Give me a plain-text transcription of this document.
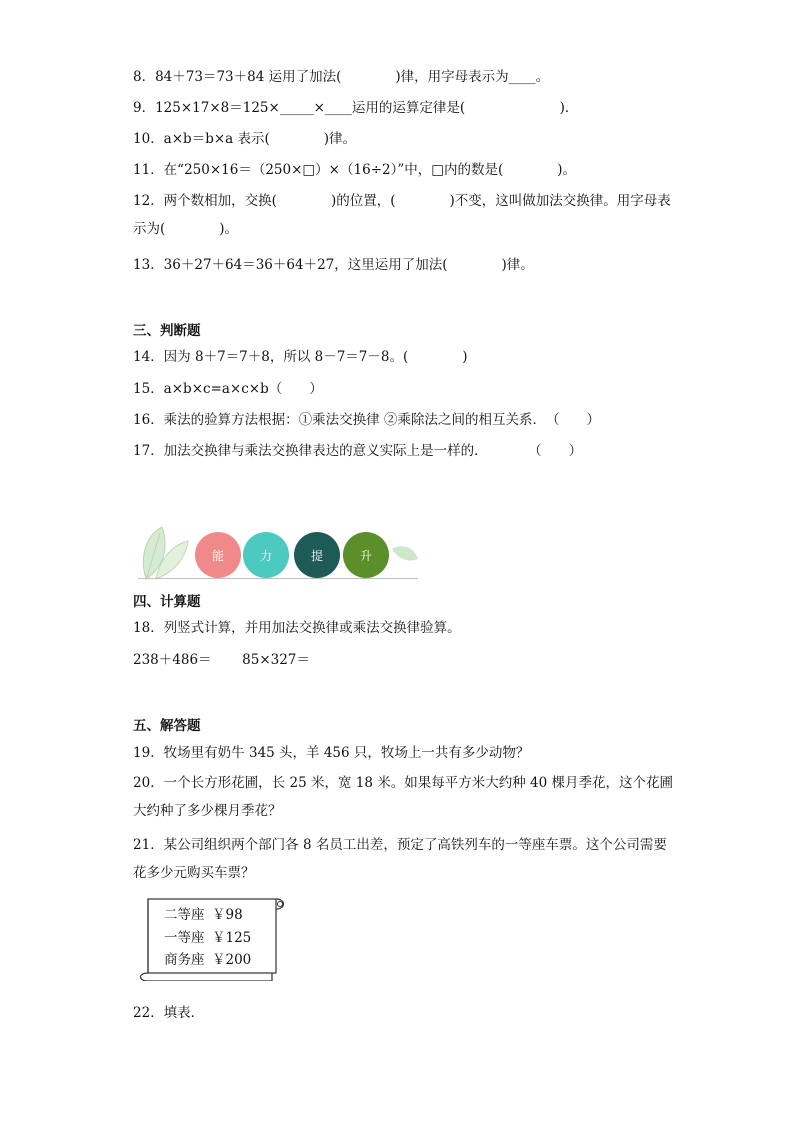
8．84＋73＝73＋84 运用了加法(　　　　)律，用字母表示为____。
9．125×17×8＝125×_____×____运用的运算定律是(　　　　　　　)．
10．a×b＝b×a 表示(　　　　)律。
11．在“250×16＝（250×□）×（16÷2）”中，□内的数是(　　　　)。
12．两个数相加，交换(　　　　)的位置，(　　　　)不变，这叫做加法交换律。用字母表示为(　　　　)。
13．36＋27＋64＝36＋64＋27，这里运用了加法(　　　　)律。
三、判断题
14．因为 8＋7＝7＋8，所以 8－7＝7－8。(　　　　)
15．a×b×c=a×c×b（　　）
16．乘法的验算方法根据：①乘法交换律 ②乘除法之间的相互关系．　（　　）
17．加法交换律与乘法交换律表达的意义实际上是一样的．　　　　（　　）
能	力	提	升
四、计算题
18．列竖式计算，并用加法交换律或乘法交换律验算。
238＋486＝ 85×327＝
五、解答题
19．牧场里有奶牛 345 头，羊 456 只，牧场上一共有多少动物？
20．一个长方形花圃，长 25 米，宽 18 米。如果每平方米大约种 40 棵月季花，这个花圃大约种了多少棵月季花？
21．某公司组织两个部门各 8 名员工出差，预定了高铁列车的一等座车票。这个公司需要花多少元购买车票？
二等座 ￥98
一等座 ￥125
商务座 ￥200
22．填表．
